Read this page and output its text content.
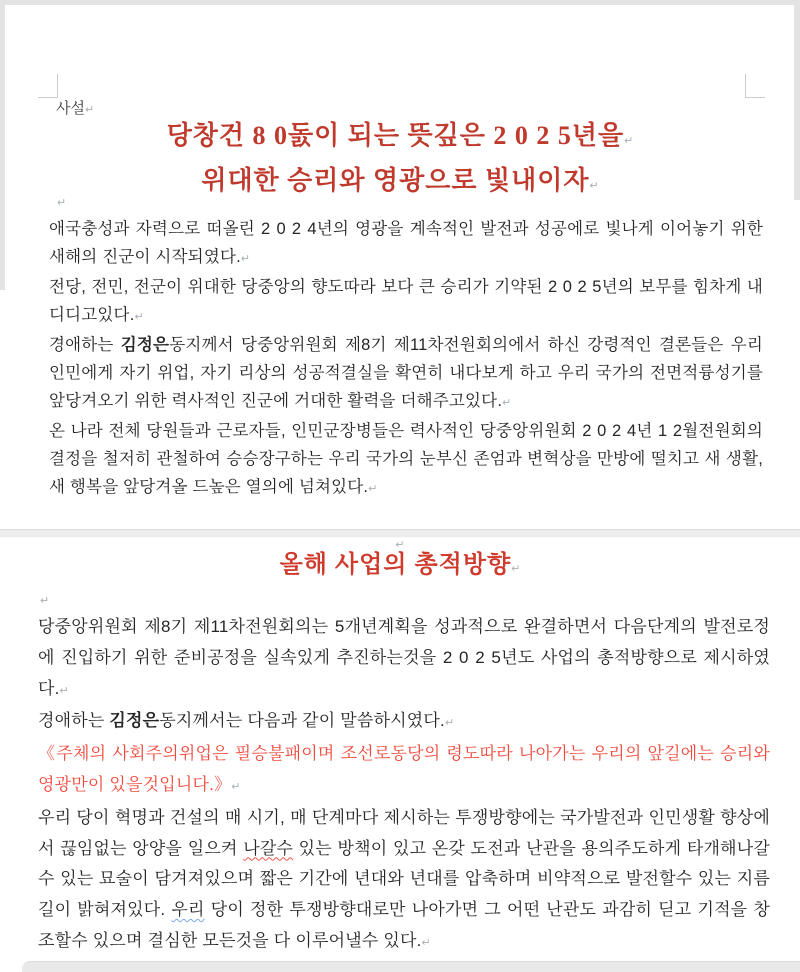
사설↵
당창건 8 0돐이 되는 뜻깊은 2 0 2 5년을↵
위대한 승리와 영광으로 빛내이자↵
↵

애국충성과 자력으로 떠올린 2 0 2 4년의 영광을 계속적인 발전과 성공에로 빛나게 이어놓기 위한 새해의 진군이 시작되였다.↵

전당, 전민, 전군이 위대한 당중앙의 향도따라 보다 큰 승리가 기약된 2 0 2 5년의 보무를 힘차게 내디디고있다.↵

경애하는 김정은동지께서 당중앙위원회 제8기 제11차전원회의에서 하신 강령적인 결론들은 우리 인민에게 자기 위업, 자기 리상의 성공적결실을 확연히 내다보게 하고 우리 국가의 전면적륭성기를 앞당겨오기 위한 력사적인 진군에 거대한 활력을 더해주고있다.↵

온 나라 전체 당원들과 근로자들, 인민군장병들은 력사적인 당중앙위원회 2 0 2 4년 1 2월전원회의 결정을 철저히 관철하여 승승장구하는 우리 국가의 눈부신 존엄과 변혁상을 만방에 떨치고 새 생활, 새 행복을 앞당겨올 드높은 열의에 넘쳐있다.↵

↵
올해 사업의 총적방향↵
↵

당중앙위원회 제8기 제11차전원회의는 5개년계획을 성과적으로 완결하면서 다음단계의 발전로정에 진입하기 위한 준비공정을 실속있게 추진하는것을 2 0 2 5년도 사업의 총적방향으로 제시하였다.↵

경애하는 김정은동지께서는 다음과 같이 말씀하시였다.↵

《주체의 사회주의위업은 필승불패이며 조선로동당의 령도따라 나아가는 우리의 앞길에는 승리와 영광만이 있을것입니다.》↵

우리 당이 혁명과 건설의 매 시기, 매 단계마다 제시하는 투쟁방향에는 국가발전과 인민생활 향상에서 끊임없는 앙양을 일으켜 나갈수 있는 방책이 있고 온갖 도전과 난관을 용의주도하게 타개해나갈수 있는 묘술이 담겨져있으며 짧은 기간에 년대와 년대를 압축하며 비약적으로 발전할수 있는 지름길이 밝혀져있다. 우리 당이 정한 투쟁방향대로만 나아가면 그 어떤 난관도 과감히 딛고 기적을 창조할수 있으며 결심한 모든것을 다 이루어낼수 있다.↵
